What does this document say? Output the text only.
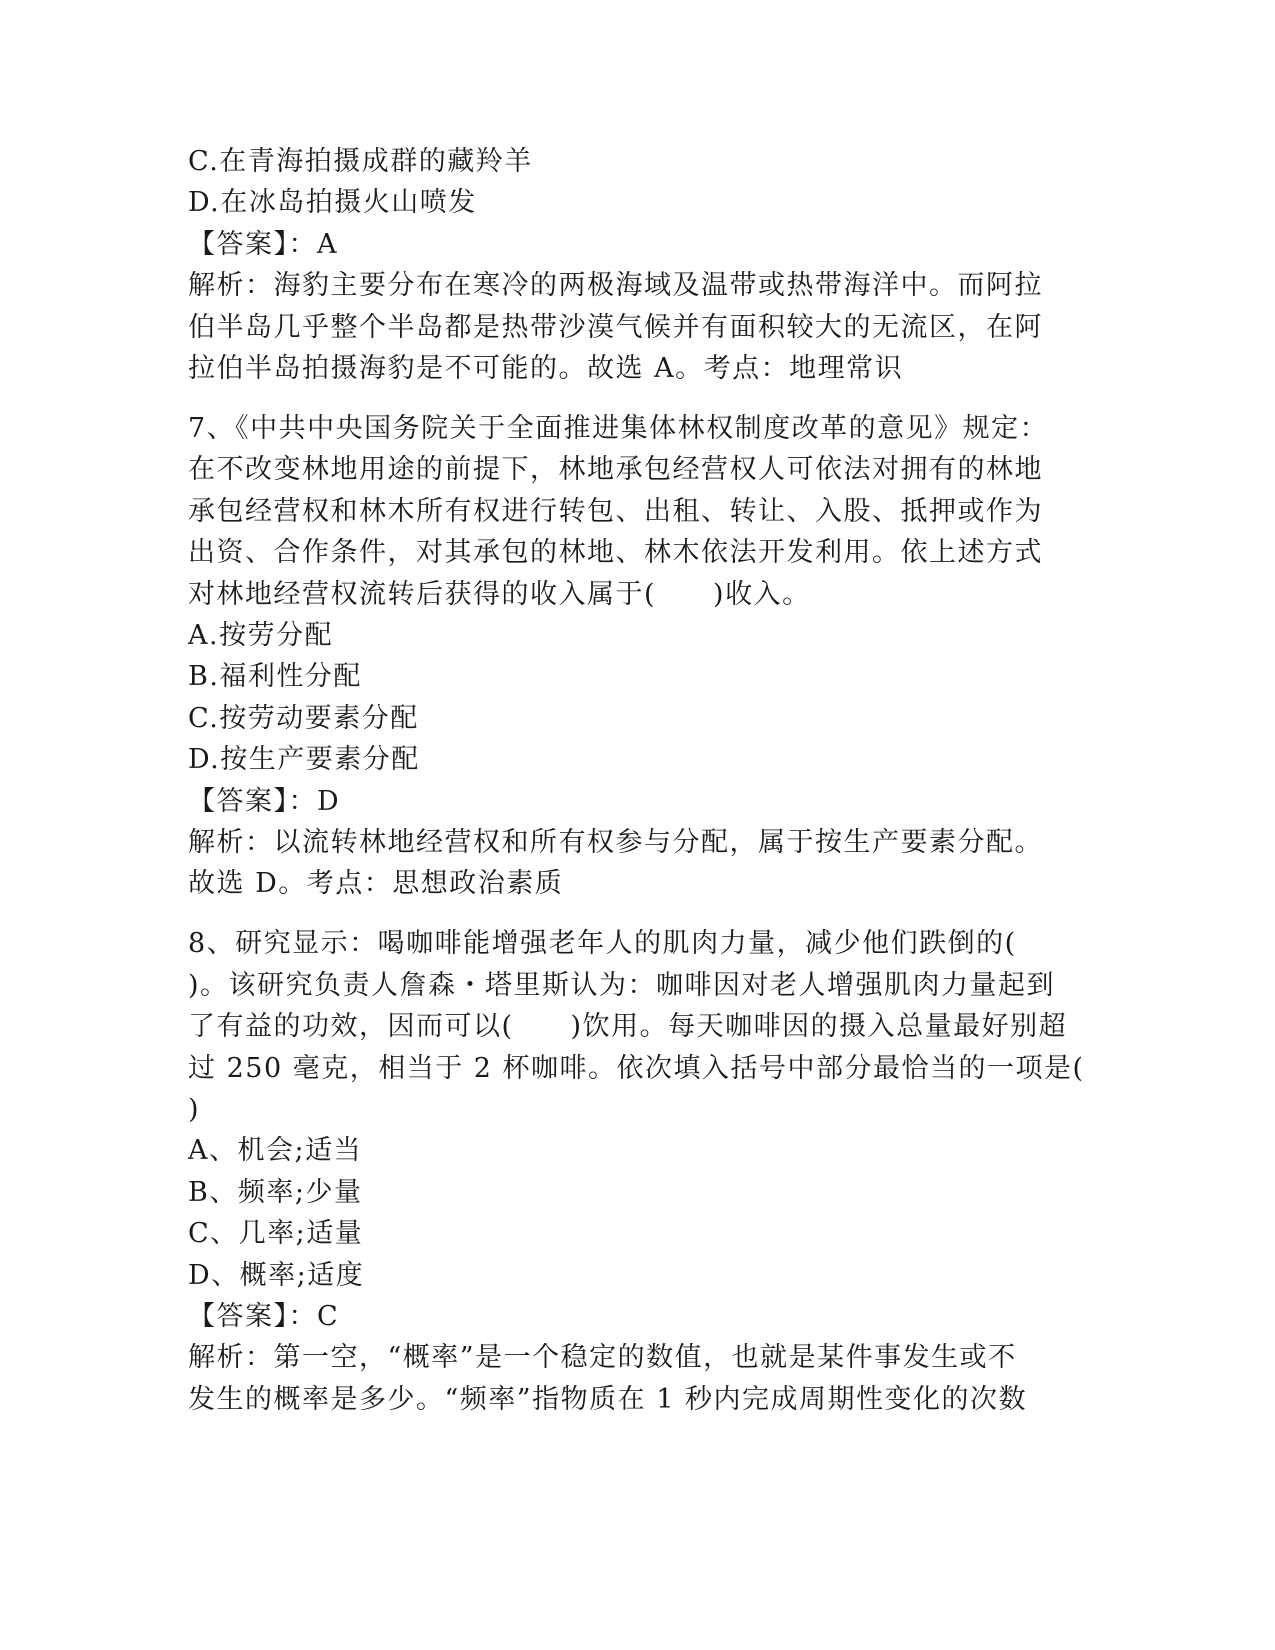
C.在青海拍摄成群的藏羚羊
D.在冰岛拍摄火山喷发
【答案】：A
解析：海豹主要分布在寒冷的两极海域及温带或热带海洋中。而阿拉
伯半岛几乎整个半岛都是热带沙漠气候并有面积较大的无流区，在阿
拉伯半岛拍摄海豹是不可能的。故选 A。考点：地理常识
7、《中共中央国务院关于全面推进集体林权制度改革的意见》规定：
在不改变林地用途的前提下，林地承包经营权人可依法对拥有的林地
承包经营权和林木所有权进行转包、出租、转让、入股、抵押或作为
出资、合作条件，对其承包的林地、林木依法开发利用。依上述方式
对林地经营权流转后获得的收入属于(　　)收入。
A.按劳分配
B.福利性分配
C.按劳动要素分配
D.按生产要素分配
【答案】：D
解析：以流转林地经营权和所有权参与分配，属于按生产要素分配。
故选 D。考点：思想政治素质
8、研究显示：喝咖啡能增强老年人的肌肉力量，减少他们跌倒的(
)。该研究负责人詹森・塔里斯认为：咖啡因对老人增强肌肉力量起到
了有益的功效，因而可以(　　)饮用。每天咖啡因的摄入总量最好别超
过 250 毫克，相当于 2 杯咖啡。依次填入括号中部分最恰当的一项是(
)
A、机会;适当
B、频率;少量
C、几率;适量
D、概率;适度
【答案】：C
解析：第一空，“概率”是一个稳定的数值，也就是某件事发生或不
发生的概率是多少。“频率”指物质在 1 秒内完成周期性变化的次数
